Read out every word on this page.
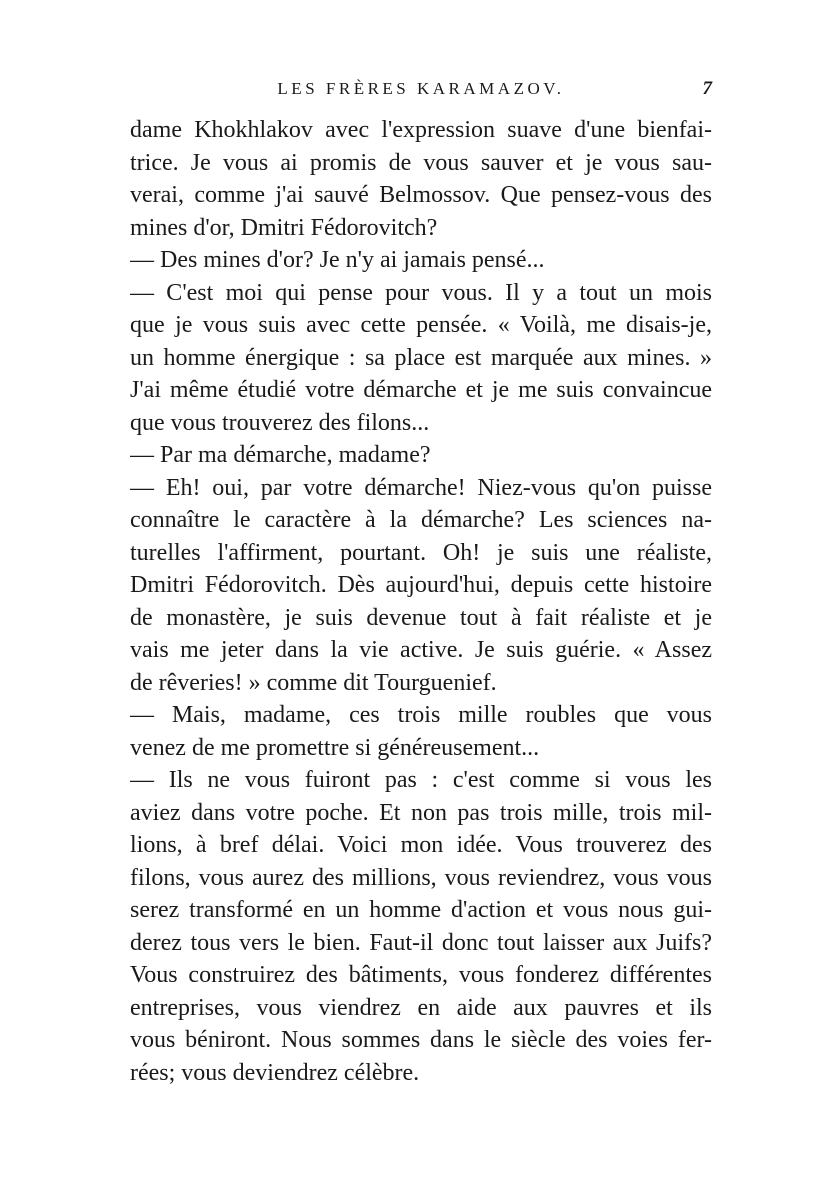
LES FRÈRES KARAMAZOV.	7
dame Khokhlakov avec l'expression suave d'une bienfai-
trice. Je vous ai promis de vous sauver et je vous sau-
verai, comme j'ai sauvé Belmossov. Que pensez-vous des
mines d'or, Dmitri Fédorovitch?
— Des mines d'or? Je n'y ai jamais pensé...
— C'est moi qui pense pour vous. Il y a tout un mois
que je vous suis avec cette pensée. « Voilà, me disais-je,
un homme énergique : sa place est marquée aux mines. »
J'ai même étudié votre démarche et je me suis convaincue
que vous trouverez des filons...
— Par ma démarche, madame?
— Eh! oui, par votre démarche! Niez-vous qu'on puisse
connaître le caractère à la démarche? Les sciences na-
turelles l'affirment, pourtant. Oh! je suis une réaliste,
Dmitri Fédorovitch. Dès aujourd'hui, depuis cette histoire
de monastère, je suis devenue tout à fait réaliste et je
vais me jeter dans la vie active. Je suis guérie. « Assez
de rêveries! » comme dit Tourguenief.
— Mais, madame, ces trois mille roubles que vous
venez de me promettre si généreusement...
— Ils ne vous fuiront pas : c'est comme si vous les
aviez dans votre poche. Et non pas trois mille, trois mil-
lions, à bref délai. Voici mon idée. Vous trouverez des
filons, vous aurez des millions, vous reviendrez, vous vous
serez transformé en un homme d'action et vous nous gui-
derez tous vers le bien. Faut-il donc tout laisser aux Juifs?
Vous construirez des bâtiments, vous fonderez différentes
entreprises, vous viendrez en aide aux pauvres et ils
vous béniront. Nous sommes dans le siècle des voies fer-
rées; vous deviendrez célèbre.
